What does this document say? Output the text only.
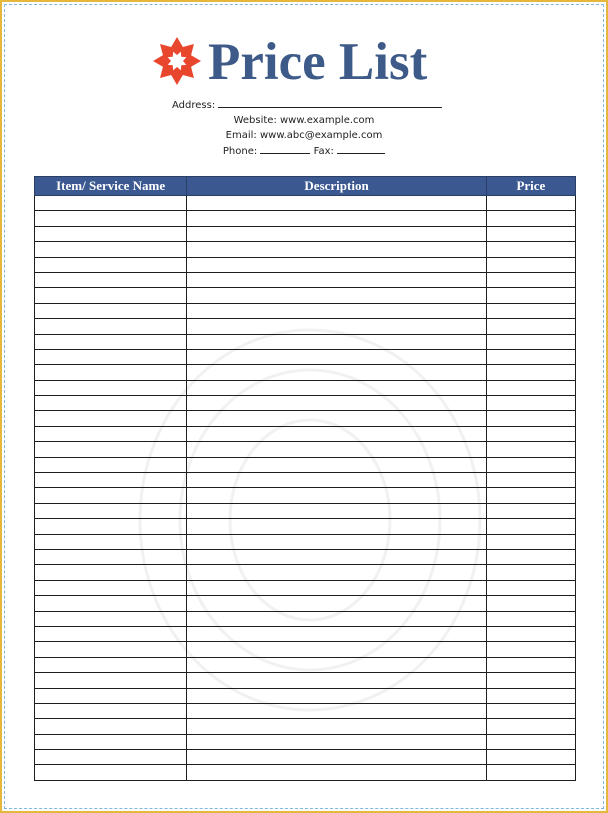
Price List
Address:
Website: www.example.com
Email: www.abc@example.com
Phone:	Fax:
Item/ Service Name	Description	Price
